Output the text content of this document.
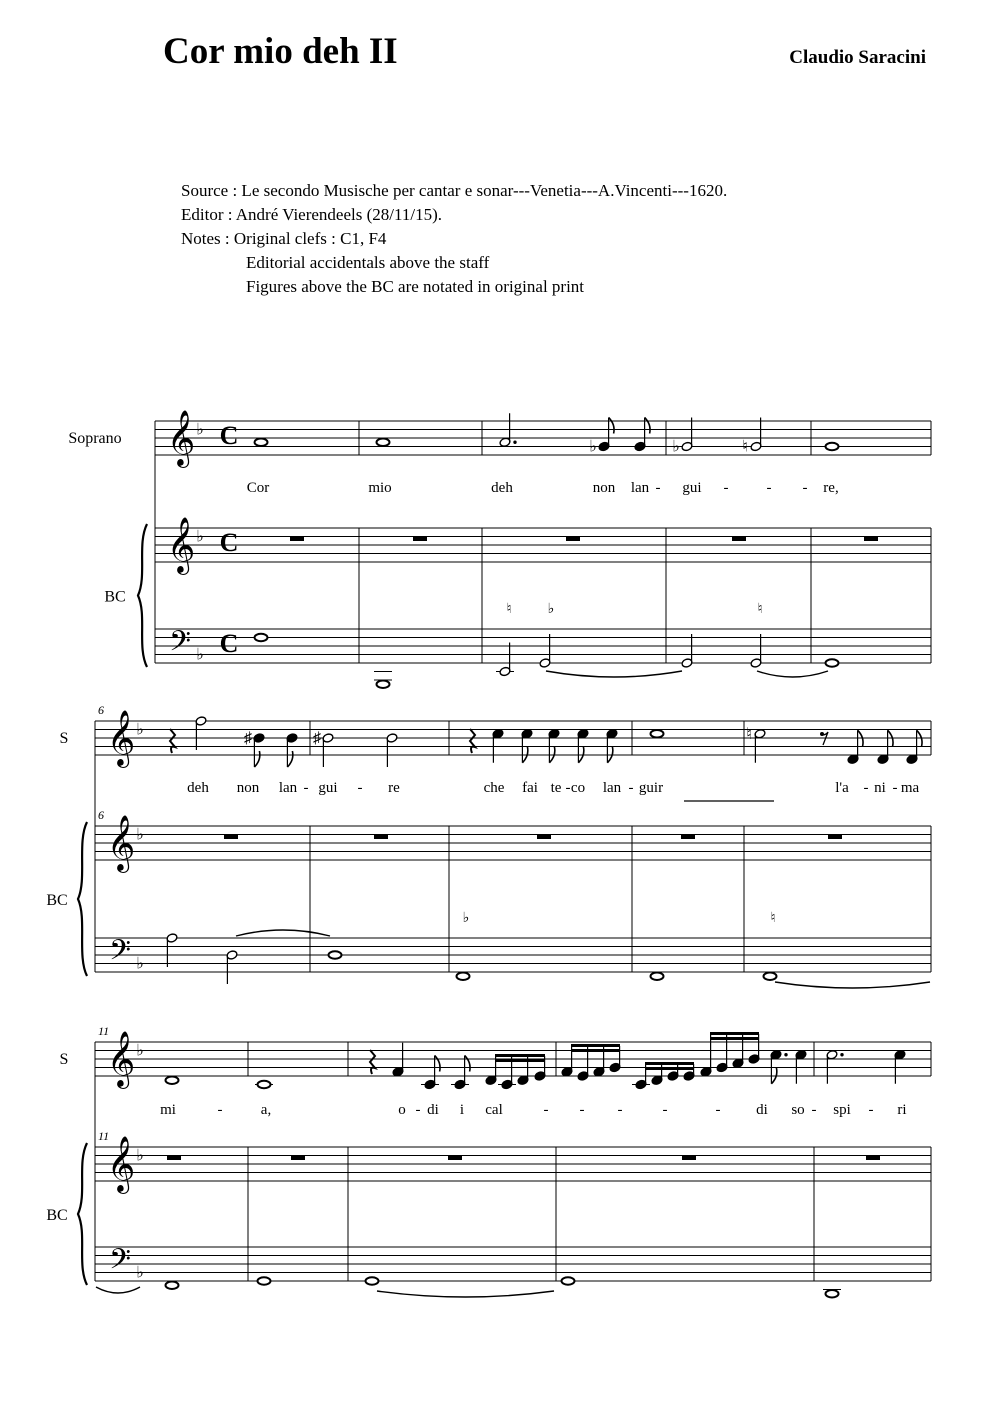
Cor mio deh II	Claudio Saracini
Source : Le secondo Musische per cantar e sonar---Venetia---A.Vincenti---1620.
Editor : André Vierendeels (28/11/15).
Notes : Original clefs : C1, F4
Editorial accidentals above the staff
Figures above the BC are notated in original print
𝄞
𝄞
𝄢
♭
♭
♭
C
C
C
Soprano
BC
♭	♭	♮
♮	♭	♮
Cor	mio	deh	non lan - gui -	- - re,
𝄞
𝄞
𝄢
♭
♭
♭
6
6
S
BC
♯	♯	♮
♭	♮
deh non lan - gui - re	che fai te - co lan - guir	l'a - ni - ma
𝄞
𝄞
𝄢
♭
♭
♭
11
11
S
BC
mi	-	a,	o - di i cal	- - -	-	- di so - spi - ri
